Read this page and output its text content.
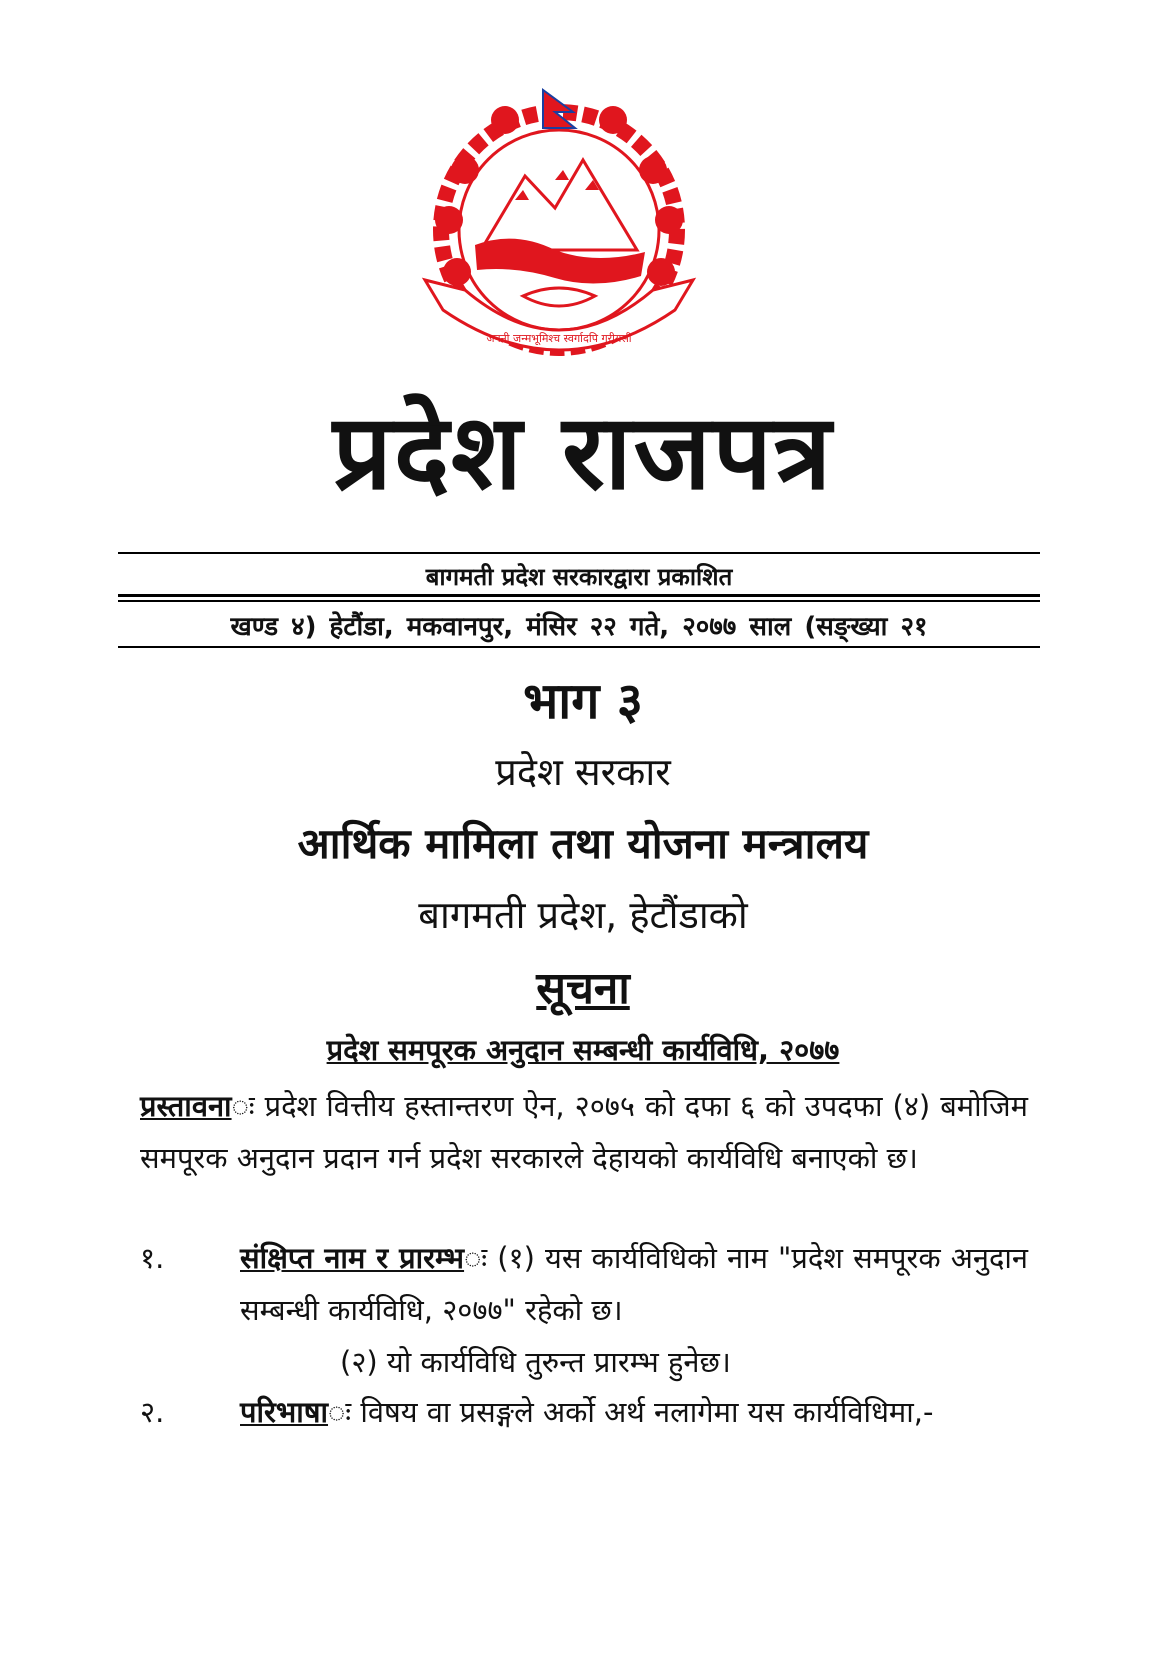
जननी जन्मभूमिश्च स्वर्गादपि गरीयसी
प्रदेश राजपत्र
बागमती प्रदेश सरकारद्वारा प्रकाशित
खण्ड ४) हेटौंडा, मकवानपुर, मंसिर २२ गते, २०७७ साल (सङ्ख्या २१
भाग ३
प्रदेश सरकार
आर्थिक मामिला तथा योजना मन्त्रालय
बागमती प्रदेश, हेटौंडाको
सूचना
प्रदेश समपूरक अनुदान सम्बन्धी कार्यविधि, २०७७
प्रस्तावनाः प्रदेश वित्तीय हस्तान्तरण ऐन, २०७५ को दफा ६ को उपदफा (४) बमोजिम समपूरक अनुदान प्रदान गर्न प्रदेश सरकारले देहायको कार्यविधि बनाएको छ।
१.	संक्षिप्त नाम र प्रारम्भः (१) यस कार्यविधिको नाम "प्रदेश समपूरक अनुदान सम्बन्धी कार्यविधि, २०७७" रहेको छ।
(२) यो कार्यविधि तुरुन्त प्रारम्भ हुनेछ।
२.	परिभाषाः विषय वा प्रसङ्गले अर्को अर्थ नलागेमा यस कार्यविधिमा,-
